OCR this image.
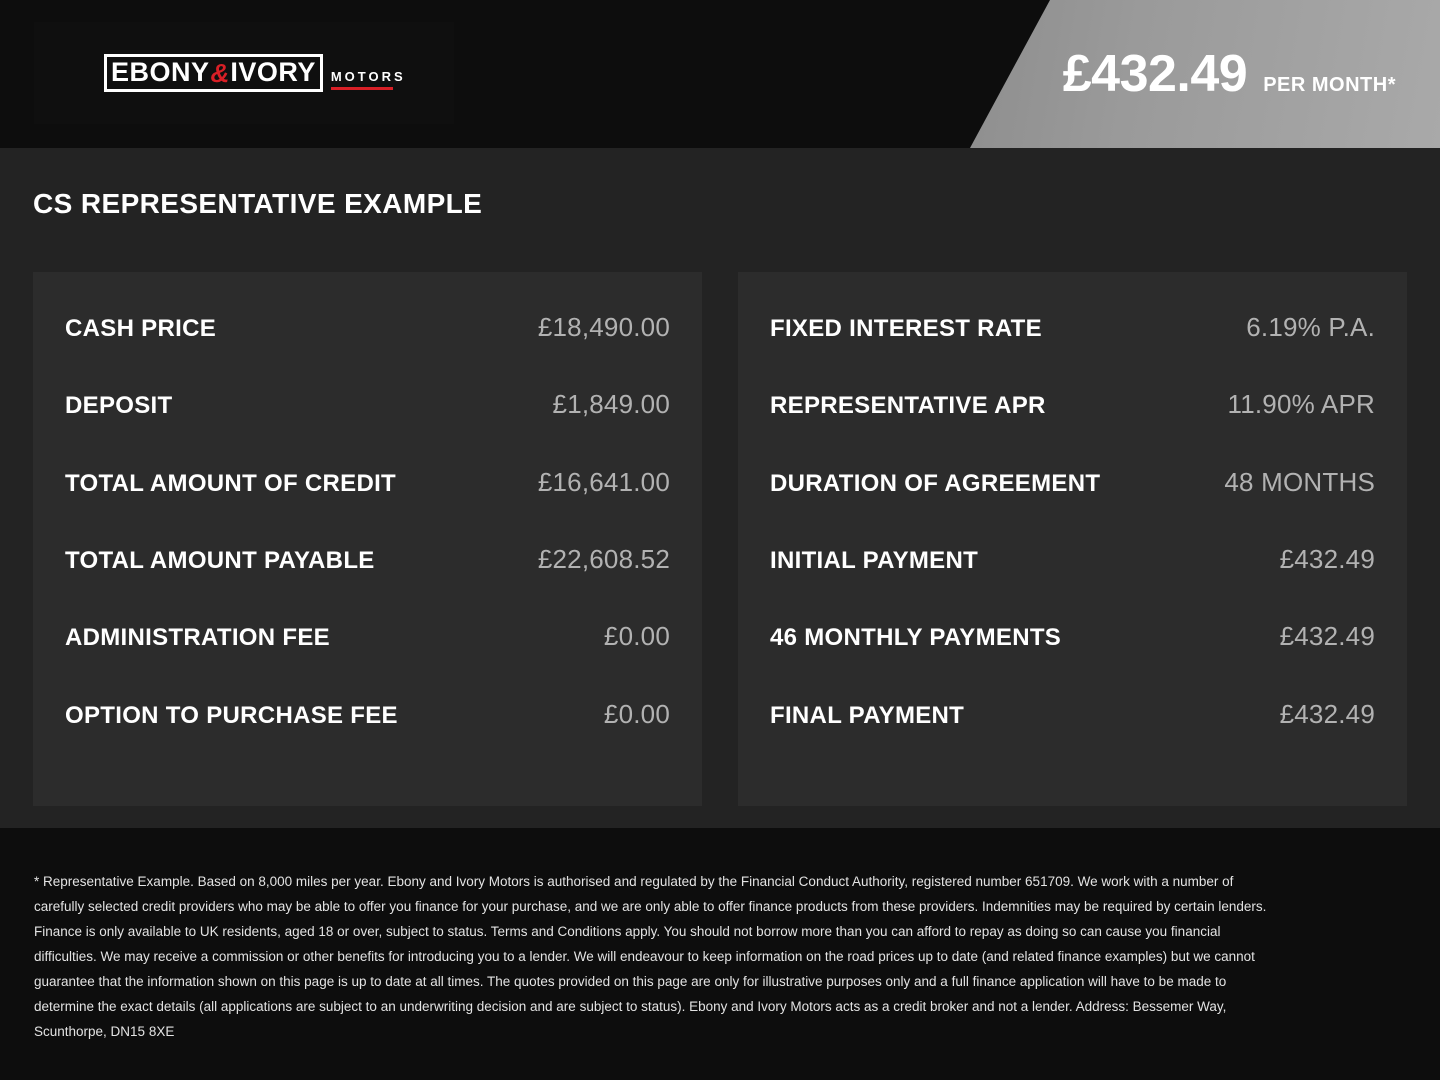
EBONY & IVORY MOTORS	£432.49 PER MONTH*
CS REPRESENTATIVE EXAMPLE
CASH PRICE	£18,490.00
DEPOSIT	£1,849.00
TOTAL AMOUNT OF CREDIT	£16,641.00
TOTAL AMOUNT PAYABLE	£22,608.52
ADMINISTRATION FEE	£0.00
OPTION TO PURCHASE FEE	£0.00
FIXED INTEREST RATE	6.19% P.A.
REPRESENTATIVE APR	11.90% APR
DURATION OF AGREEMENT	48 MONTHS
INITIAL PAYMENT	£432.49
46 MONTHLY PAYMENTS	£432.49
FINAL PAYMENT	£432.49

* Representative Example. Based on 8,000 miles per year. Ebony and Ivory Motors is authorised and regulated by the Financial Conduct Authority, registered number 651709. We work with a number of carefully selected credit providers who may be able to offer you finance for your purchase, and we are only able to offer finance products from these providers. Indemnities may be required by certain lenders. Finance is only available to UK residents, aged 18 or over, subject to status. Terms and Conditions apply. You should not borrow more than you can afford to repay as doing so can cause you financial difficulties. We may receive a commission or other benefits for introducing you to a lender. We will endeavour to keep information on the road prices up to date (and related finance examples) but we cannot guarantee that the information shown on this page is up to date at all times. The quotes provided on this page are only for illustrative purposes only and a full finance application will have to be made to determine the exact details (all applications are subject to an underwriting decision and are subject to status). Ebony and Ivory Motors acts as a credit broker and not a lender. Address: Bessemer Way, Scunthorpe, DN15 8XE
